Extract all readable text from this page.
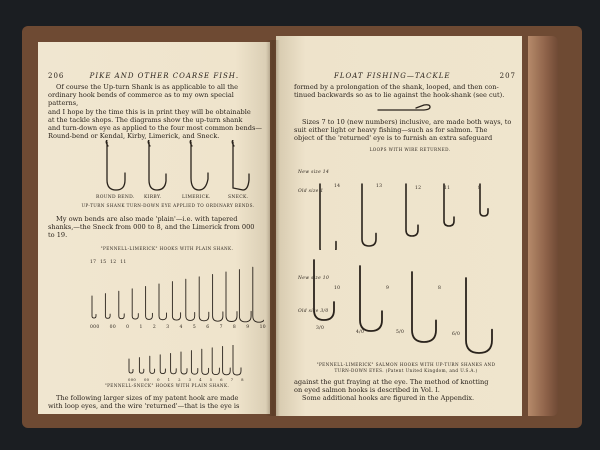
206	PIKE AND OTHER COARSE FISH.
Of course the Up-turn Shank is as applicable to all the
ordinary hook bends of commerce as to my own special patterns,
and I hope by the time this is in print they will be obtainable
at the tackle shops. The diagrams show the up-turn shank
and turn-down eye as applied to the four most common bends—
Round-bend or Kendal, Kirby, Limerick, and Sneck.
ROUND BEND. KIRBY.	LIMERICK.	SNECK.
UP-TURN SHANK TURN-DOWN EYE APPLIED TO ORDINARY BENDS.
My own bends are also made 'plain'—i.e. with tapered
shanks,—the Sneck from 000 to 8, and the Limerick from 000
to 19.
"PENNELL-LIMERICK" HOOKS WITH PLAIN SHANK.
17 15 12 11
000 00 0 1 2 3 4 5 6 7 8 9 10
000 00 0 1 2 3 4 5 6 7 8
"PENNELL-SNECK" HOOKS WITH PLAIN SHANK.
The following larger sizes of my patent hook are made
with loop eyes, and the wire 'returned'—that is the eye is
FLOAT FISHING—TACKLE	207
formed by a prolongation of the shank, looped, and then con-
tinued backwards so as to lie against the hook-shank (see cut).
Sizes 7 to 10 (new numbers) inclusive, are made both ways, to
suit either light or heavy fishing—such as for salmon. The
object of the 'returned' eye is to furnish an extra safeguard
LOOPS WITH WIRE RETURNED.
New size 14
Old size 1
14	13	12	11	8
New size 10
Old size 3/0
10	9	8
3/0
4/0	5/0	6/0
"PENNELL-LIMERICK" SALMON HOOKS WITH UP-TURN SHANKS AND
TURN-DOWN EYES. (Patent United Kingdom, and U.S.A.)
against the gut fraying at the eye. The method of knotting
on eyed salmon hooks is described in Vol. I.
Some additional hooks are figured in the Appendix.
